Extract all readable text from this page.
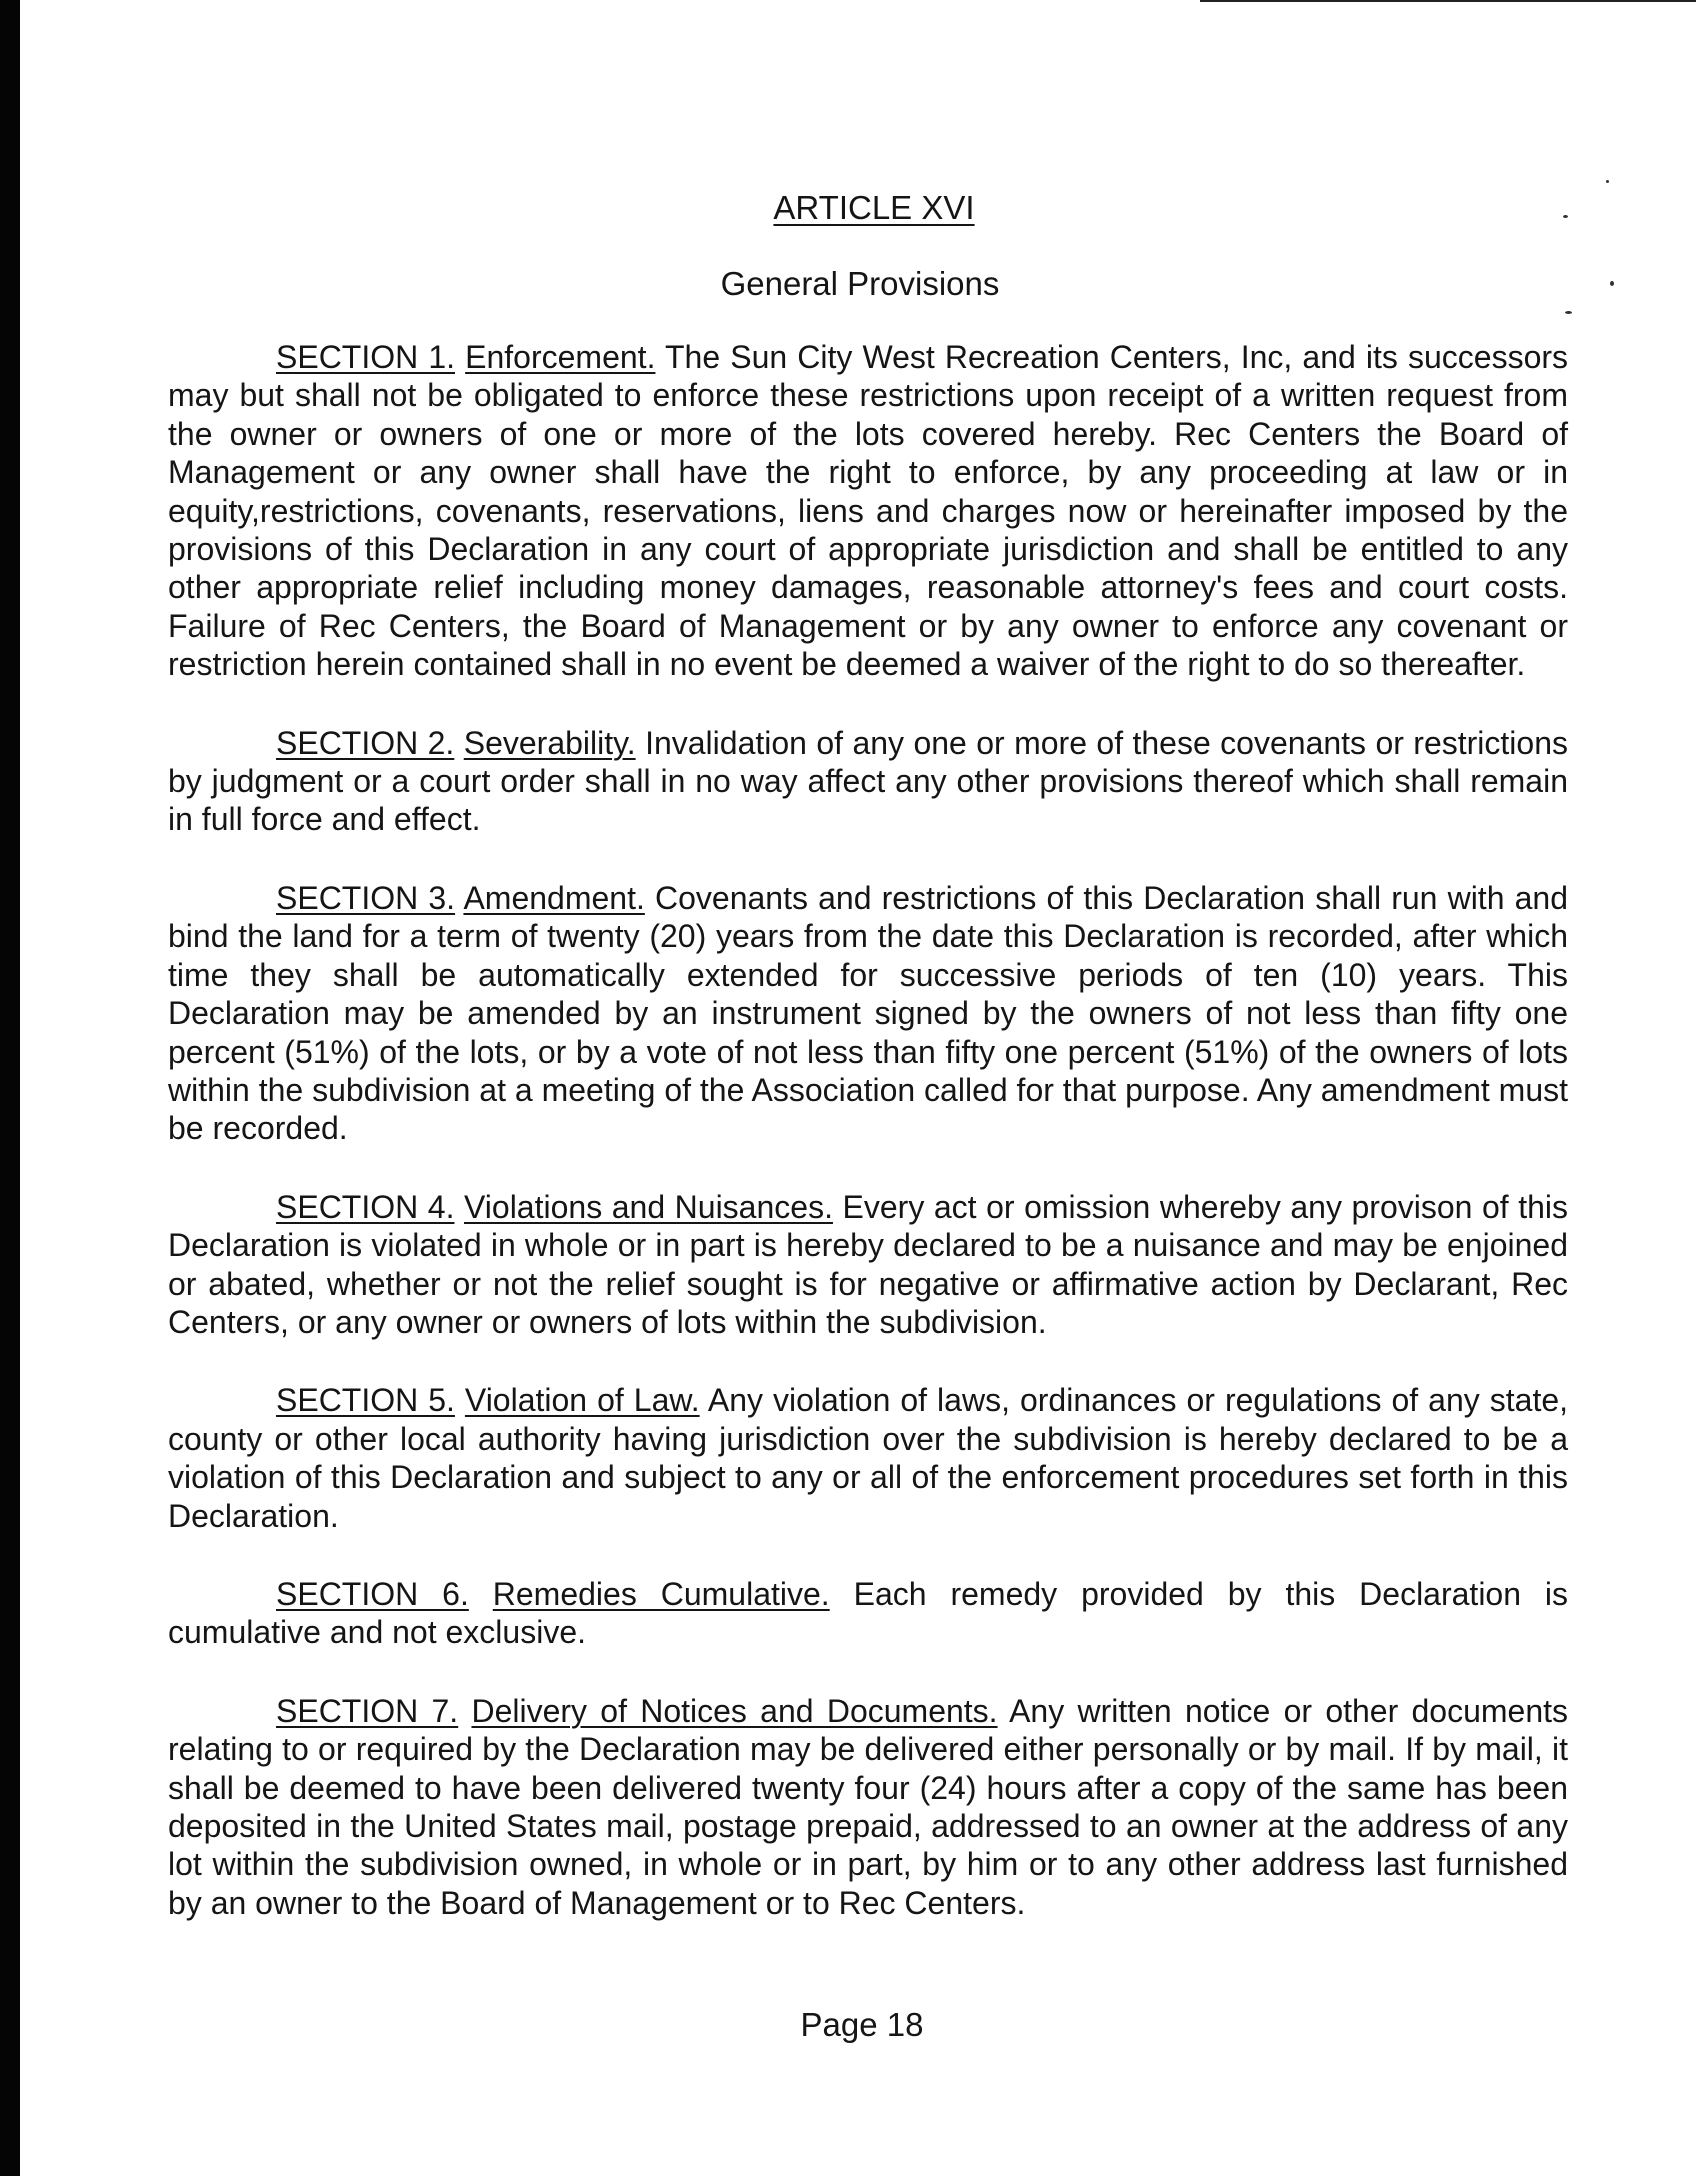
ARTICLE XVI
General Provisions

SECTION 1. Enforcement. The Sun City West Recreation Centers, Inc, and its successors may but shall not be obligated to enforce these restrictions upon receipt of a written request from the owner or owners of one or more of the lots covered hereby. Rec Centers the Board of Management or any owner shall have the right to enforce, by any proceeding at law or in equity,restrictions, covenants, reservations, liens and charges now or hereinafter imposed by the provisions of this Declaration in any court of appropriate jurisdiction and shall be entitled to any other appropriate relief including money damages, reasonable attorney's fees and court costs. Failure of Rec Centers, the Board of Management or by any owner to enforce any covenant or restriction herein contained shall in no event be deemed a waiver of the right to do so thereafter.

SECTION 2. Severability. Invalidation of any one or more of these covenants or restrictions by judgment or a court order shall in no way affect any other provisions thereof which shall remain in full force and effect.

SECTION 3. Amendment. Covenants and restrictions of this Declaration shall run with and bind the land for a term of twenty (20) years from the date this Declaration is recorded, after which time they shall be automatically extended for successive periods of ten (10) years. This Declaration may be amended by an instrument signed by the owners of not less than fifty one percent (51%) of the lots, or by a vote of not less than fifty one percent (51%) of the owners of lots within the subdivision at a meeting of the Association called for that purpose. Any amendment must be recorded.

SECTION 4. Violations and Nuisances. Every act or omission whereby any provison of this Declaration is violated in whole or in part is hereby declared to be a nuisance and may be enjoined or abated, whether or not the relief sought is for negative or affirmative action by Declarant, Rec Centers, or any owner or owners of lots within the subdivision.

SECTION 5. Violation of Law. Any violation of laws, ordinances or regulations of any state, county or other local authority having jurisdiction over the subdivision is hereby declared to be a violation of this Declaration and subject to any or all of the enforcement procedures set forth in this Declaration.

SECTION 6. Remedies Cumulative. Each remedy provided by this Declaration is cumulative and not exclusive.

SECTION 7. Delivery of Notices and Documents. Any written notice or other documents relating to or required by the Declaration may be delivered either personally or by mail. If by mail, it shall be deemed to have been delivered twenty four (24) hours after a copy of the same has been deposited in the United States mail, postage prepaid, addressed to an owner at the address of any lot within the subdivision owned, in whole or in part, by him or to any other address last furnished by an owner to the Board of Management or to Rec Centers.

Page 18
